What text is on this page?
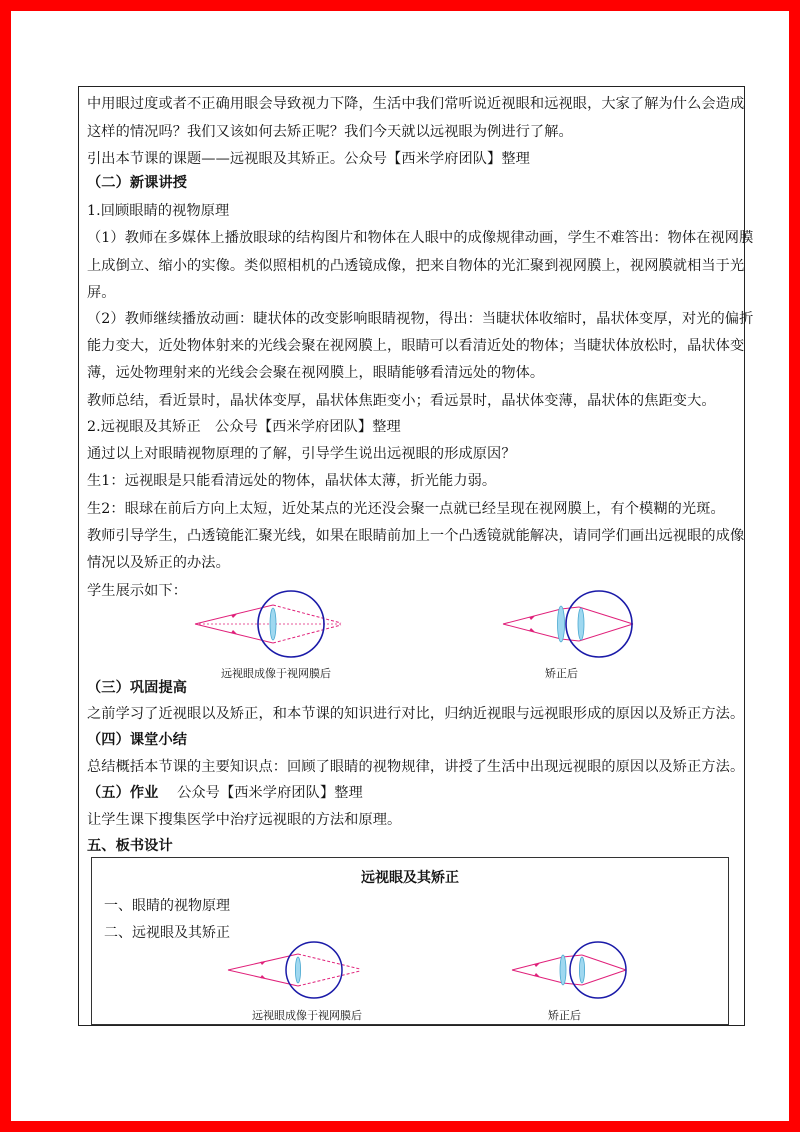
中用眼过度或者不正确用眼会导致视力下降，生活中我们常听说近视眼和远视眼，大家了解为什么会造成
这样的情况吗？我们又该如何去矫正呢？我们今天就以远视眼为例进行了解。
引出本节课的课题——远视眼及其矫正。公众号【西米学府团队】整理
（二）新课讲授
1.回顾眼睛的视物原理
（1）教师在多媒体上播放眼球的结构图片和物体在人眼中的成像规律动画，学生不难答出：物体在视网膜
上成倒立、缩小的实像。类似照相机的凸透镜成像，把来自物体的光汇聚到视网膜上，视网膜就相当于光
屏。
（2）教师继续播放动画：睫状体的改变影响眼睛视物，得出：当睫状体收缩时，晶状体变厚，对光的偏折
能力变大，近处物体射来的光线会聚在视网膜上，眼睛可以看清近处的物体；当睫状体放松时，晶状体变
薄，远处物理射来的光线会会聚在视网膜上，眼睛能够看清远处的物体。
教师总结，看近景时，晶状体变厚，晶状体焦距变小；看远景时，晶状体变薄，晶状体的焦距变大。
2.远视眼及其矫正　公众号【西米学府团队】整理
通过以上对眼睛视物原理的了解，引导学生说出远视眼的形成原因？
生1：远视眼是只能看清远处的物体，晶状体太薄，折光能力弱。
生2：眼球在前后方向上太短，近处某点的光还没会聚一点就已经呈现在视网膜上，有个模糊的光斑。
教师引导学生，凸透镜能汇聚光线，如果在眼睛前加上一个凸透镜就能解决，请同学们画出远视眼的成像
情况以及矫正的办法。
学生展示如下：
远视眼成像于视网膜后	矫正后
（三）巩固提高
之前学习了近视眼以及矫正，和本节课的知识进行对比，归纳近视眼与远视眼形成的原因以及矫正方法。
（四）课堂小结
总结概括本节课的主要知识点：回顾了眼睛的视物规律，讲授了生活中出现远视眼的原因以及矫正方法。
（五）作业 公众号【西米学府团队】整理
让学生课下搜集医学中治疗远视眼的方法和原理。
五、板书设计
远视眼及其矫正
一、眼睛的视物原理
二、远视眼及其矫正
远视眼成像于视网膜后	矫正后
